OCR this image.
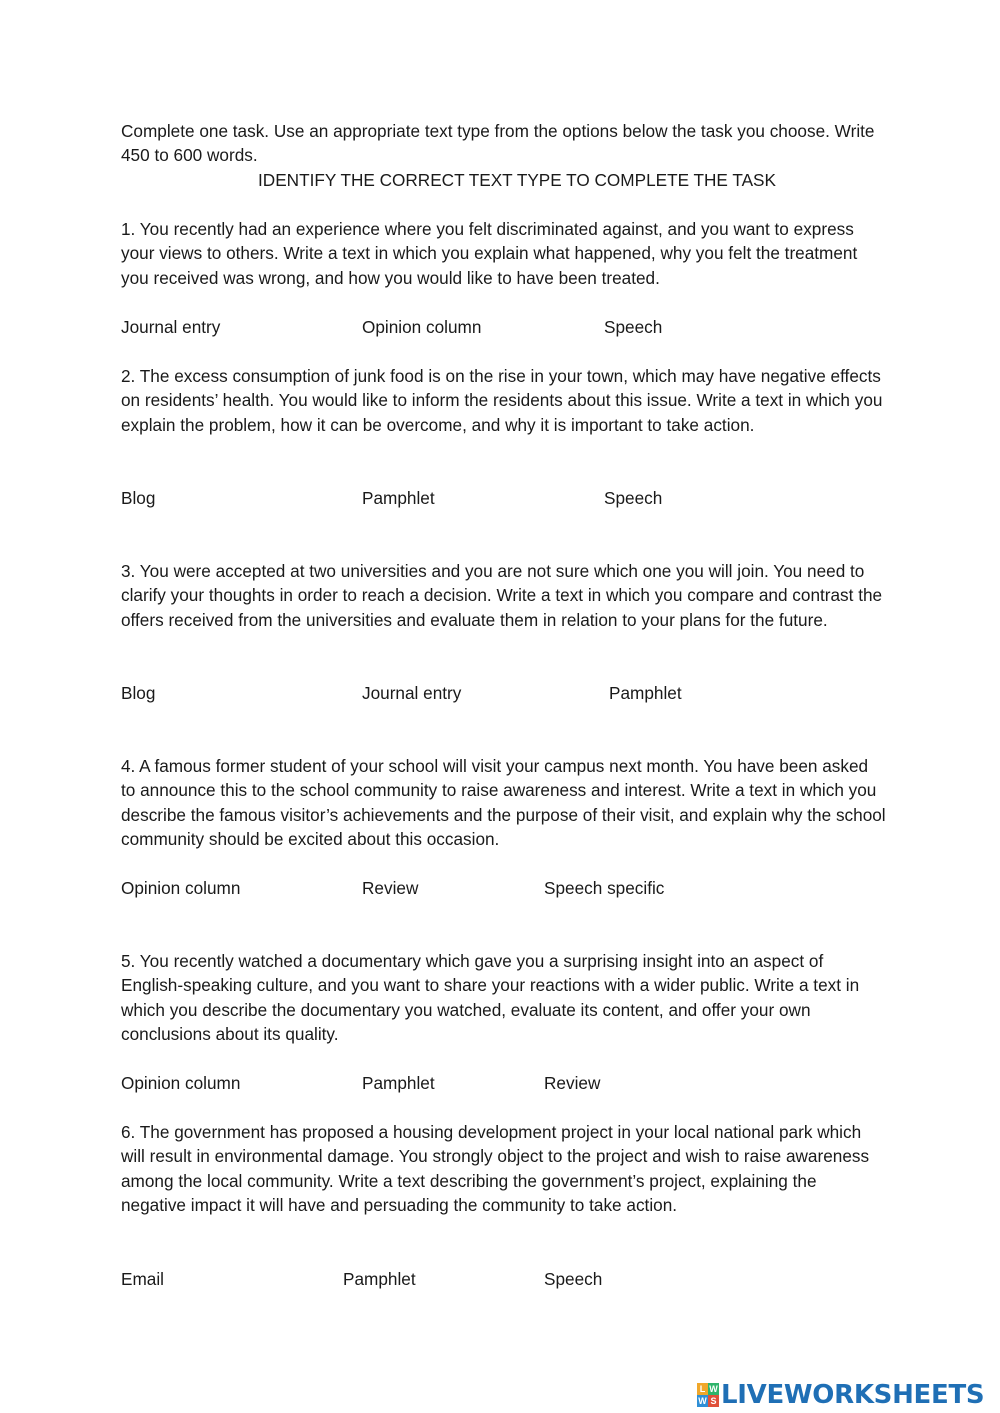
Complete one task. Use an appropriate text type from the options below the task you choose. Write 450 to 600 words.

IDENTIFY THE CORRECT TEXT TYPE TO COMPLETE THE TASK

1. You recently had an experience where you felt discriminated against, and you want to express your views to others. Write a text in which you explain what happened, why you felt the treatment you received was wrong, and how you would like to have been treated.

Journal entry	Opinion column	Speech

2. The excess consumption of junk food is on the rise in your town, which may have negative effects on residents’ health. You would like to inform the residents about this issue. Write a text in which you explain the problem, how it can be overcome, and why it is important to take action.

Blog	Pamphlet	Speech

3. You were accepted at two universities and you are not sure which one you will join. You need to clarify your thoughts in order to reach a decision. Write a text in which you compare and contrast the offers received from the universities and evaluate them in relation to your plans for the future.

Blog	Journal entry	Pamphlet

4. A famous former student of your school will visit your campus next month. You have been asked to announce this to the school community to raise awareness and interest. Write a text in which you describe the famous visitor’s achievements and the purpose of their visit, and explain why the school community should be excited about this occasion.

Opinion column	Review	Speech specific

5. You recently watched a documentary which gave you a surprising insight into an aspect of English-speaking culture, and you want to share your reactions with a wider public. Write a text in which you describe the documentary you watched, evaluate its content, and offer your own conclusions about its quality.

Opinion column	Pamphlet	Review

6. The government has proposed a housing development project in your local national park which will result in environmental damage. You strongly object to the project and wish to raise awareness among the local community. Write a text describing the government’s project, explaining the negative impact it will have and persuading the community to take action.

Email	Pamphlet	Speech
L W
W S LIVEWORKSHEETS
